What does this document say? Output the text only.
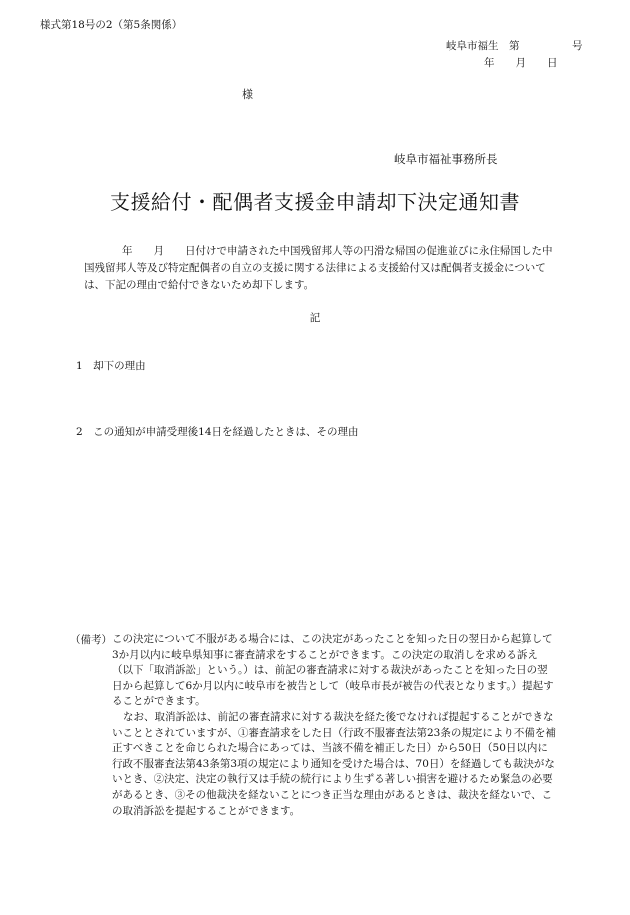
様式第18号の2（第5条関係）
岐阜市福生　第　　　　　号
年　　月　　日
様
岐阜市福祉事務所長
支援給付・配偶者支援金申請却下決定通知書
年　　月　　日付けで申請された中国残留邦人等の円滑な帰国の促進並びに永住帰国した中国残留邦人等及び特定配偶者の自立の支援に関する法律による支援給付又は配偶者支援金については、下記の理由で給付できないため却下します。
記
1　却下の理由
2　この通知が申請受理後14日を経過したときは、その理由
（備考） この決定について不服がある場合には、この決定があったことを知った日の翌日から起算して3か月以内に岐阜県知事に審査請求をすることができます。この決定の取消しを求める訴え（以下「取消訴訟」という。）は、前記の審査請求に対する裁決があったことを知った日の翌日から起算して6か月以内に岐阜市を被告として（岐阜市長が被告の代表となります。）提起することができます。

なお、取消訴訟は、前記の審査請求に対する裁決を経た後でなければ提起することができないこととされていますが、①審査請求をした日（行政不服審査法第23条の規定により不備を補正すべきことを命じられた場合にあっては、当該不備を補正した日）から50日（50日以内に行政不服審査法第43条第3項の規定により通知を受けた場合は、70日）を経過しても裁決がないとき、②決定、決定の執行又は手続の続行により生ずる著しい損害を避けるため緊急の必要があるとき、③その他裁決を経ないことにつき正当な理由があるときは、裁決を経ないで、この取消訴訟を提起することができます。
